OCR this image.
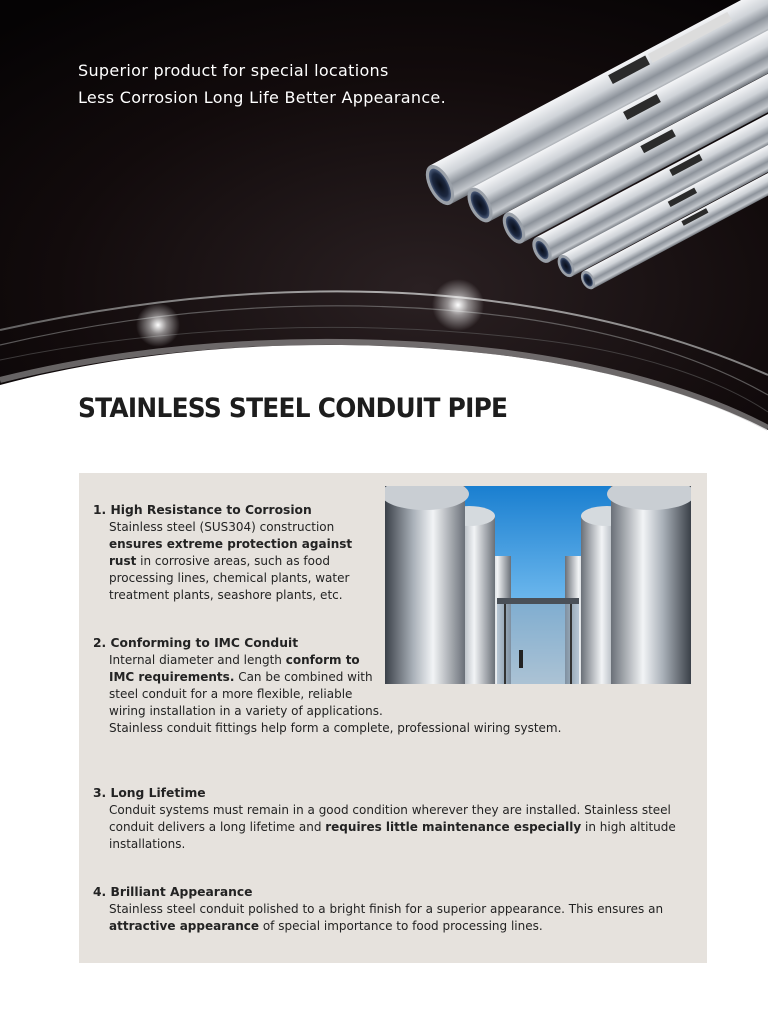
Superior product for special locations
Less Corrosion Long Life Better Appearance.
STAINLESS STEEL CONDUIT PIPE
1. High Resistance to Corrosion
Stainless steel (SUS304) construction ensures extreme protection against rust in corrosive areas, such as food processing lines, chemical plants, water treatment plants, seashore plants, etc.
2. Conforming to IMC Conduit
Internal diameter and length conform to IMC requirements. Can be combined with steel conduit for a more flexible, reliable wiring installation in a variety of applications.
Stainless conduit fittings help form a complete, professional wiring system.
3. Long Lifetime
Conduit systems must remain in a good condition wherever they are installed. Stainless steel conduit delivers a long lifetime and requires little maintenance especially in high altitude installations.
4. Brilliant Appearance
Stainless steel conduit polished to a bright finish for a superior appearance. This ensures an attractive appearance of special importance to food processing lines.
